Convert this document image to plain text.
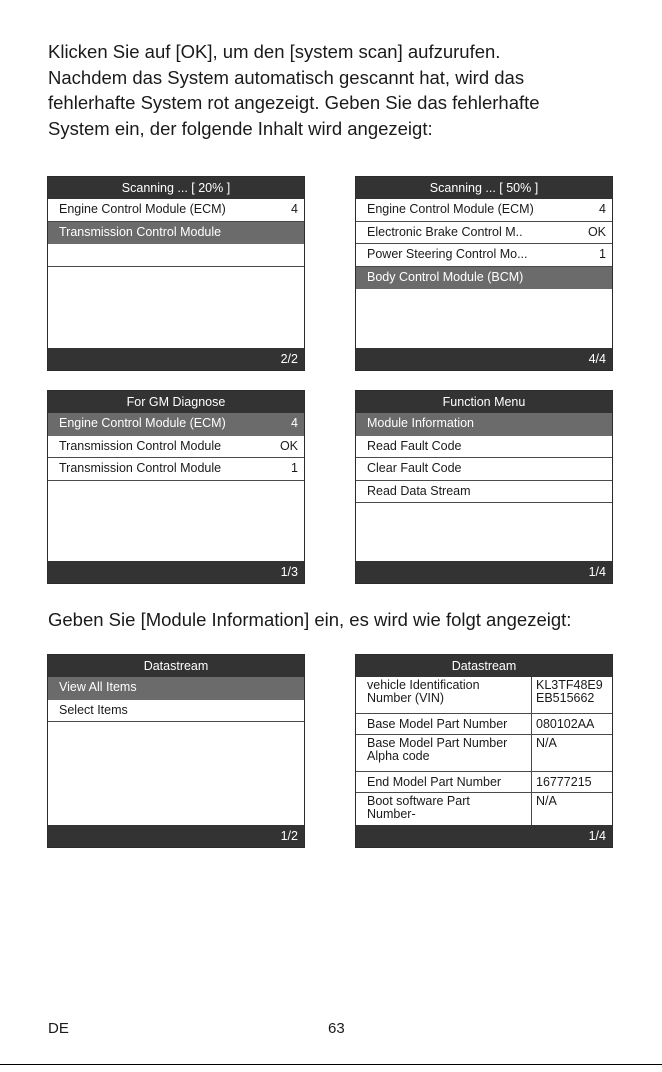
Klicken Sie auf [OK], um den [system scan] aufzurufen.
Nachdem das System automatisch gescannt hat, wird das
fehlerhafte System rot angezeigt. Geben Sie das fehlerhafte
System ein, der folgende Inhalt wird angezeigt:
Scanning ... [ 20% ]
Engine Control Module (ECM)	4
Transmission Control Module
2/2
Scanning ... [ 50% ]
Engine Control Module (ECM)	4
Electronic Brake Control M..	OK
Power Steering Control Mo...	1
Body Control Module (BCM)
4/4
For GM Diagnose
Engine Control Module (ECM)	4
Transmission Control Module	OK
Transmission Control Module	1
1/3
Function Menu
Module Information
Read Fault Code
Clear Fault Code
Read Data Stream
1/4
Geben Sie [Module Information] ein, es wird wie folgt angezeigt:
Datastream
View All Items
Select Items
1/2
Datastream
vehicle Identification
Number (VIN)	KL3TF48E9
EB515662

Base Model Part Number	080102AA

Base Model Part Number
Alpha code	N/A

End Model Part Number	16777215

Boot software Part
Number-	N/A
1/4
DE	63
